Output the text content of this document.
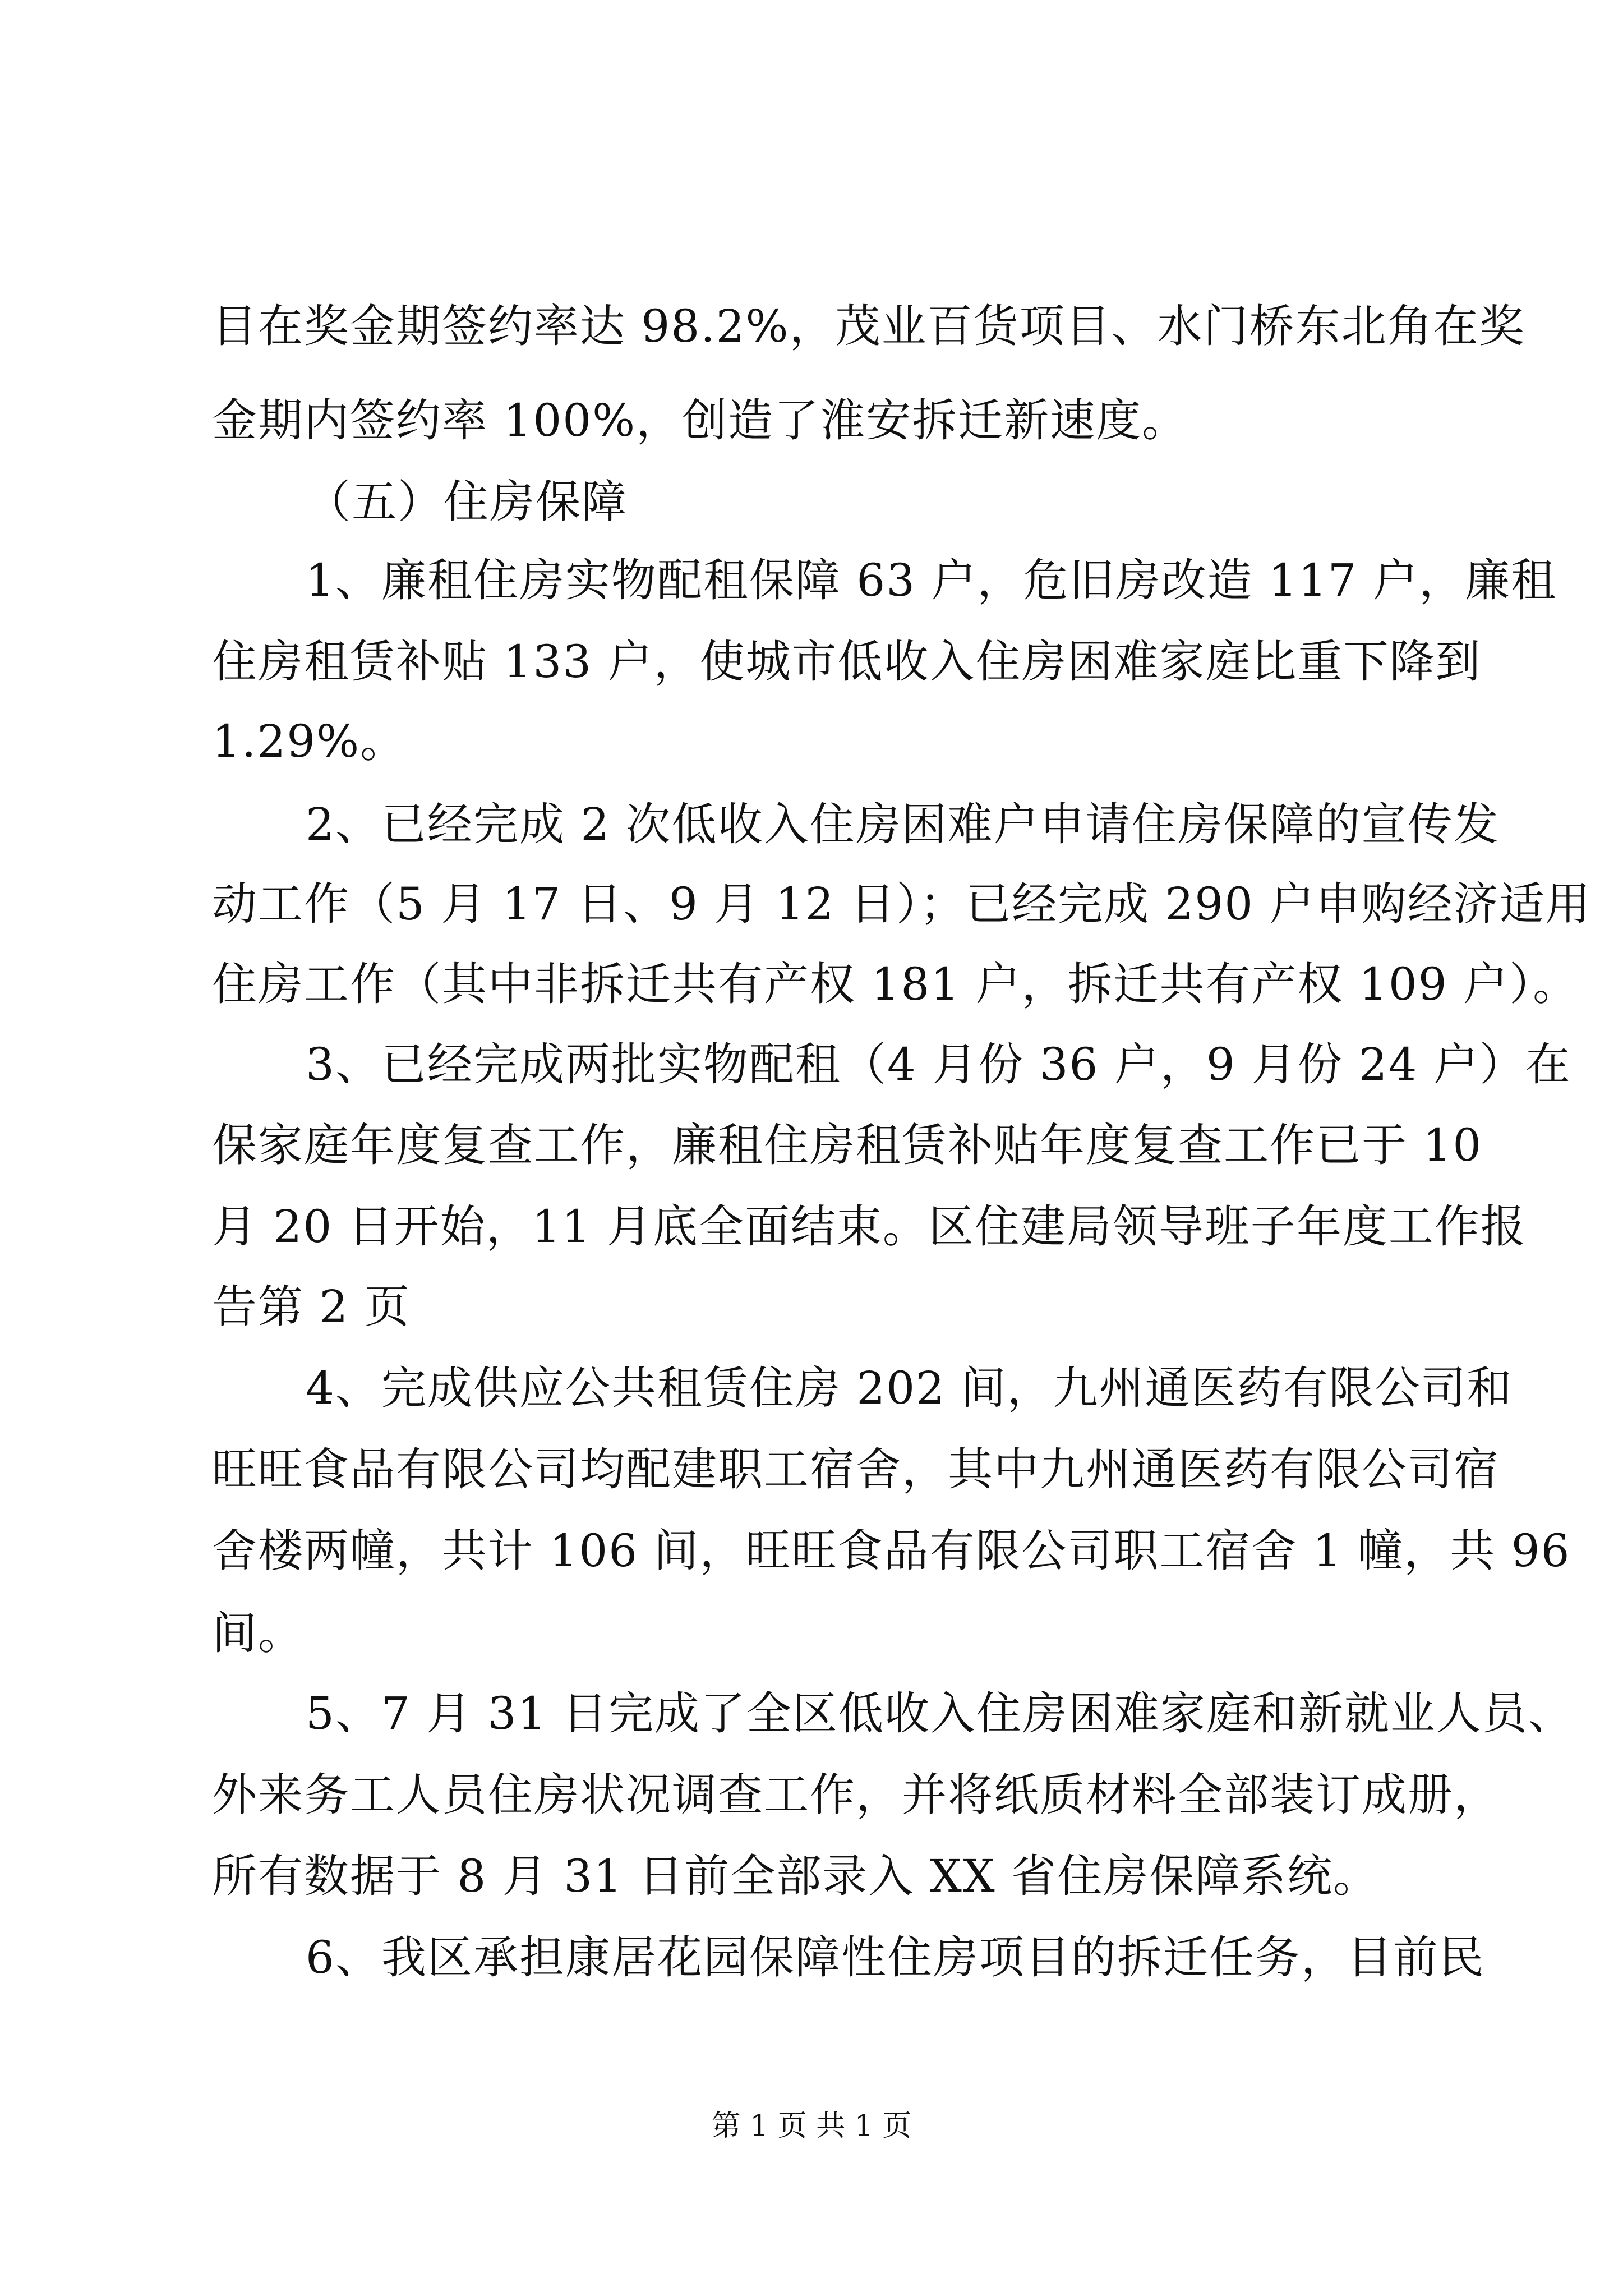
目在奖金期签约率达 98.2%，茂业百货项目、水门桥东北角在奖
金期内签约率 100%，创造了淮安拆迁新速度。
（五）住房保障
1、廉租住房实物配租保障 63 户，危旧房改造 117 户，廉租
住房租赁补贴 133 户，使城市低收入住房困难家庭比重下降到
1.29%。
2、已经完成 2 次低收入住房困难户申请住房保障的宣传发
动工作（5 月 17 日、9 月 12 日）；已经完成 290 户申购经济适用
住房工作（其中非拆迁共有产权 181 户，拆迁共有产权 109 户）。
3、已经完成两批实物配租（4 月份 36 户，9 月份 24 户）在
保家庭年度复查工作，廉租住房租赁补贴年度复查工作已于 10
月 20 日开始，11 月底全面结束。区住建局领导班子年度工作报
告第 2 页
4、完成供应公共租赁住房 202 间，九州通医药有限公司和
旺旺食品有限公司均配建职工宿舍，其中九州通医药有限公司宿
舍楼两幢，共计 106 间，旺旺食品有限公司职工宿舍 1 幢，共 96
间。
5、7 月 31 日完成了全区低收入住房困难家庭和新就业人员、
外来务工人员住房状况调查工作，并将纸质材料全部装订成册，
所有数据于 8 月 31 日前全部录入 XX 省住房保障系统。
6、我区承担康居花园保障性住房项目的拆迁任务，目前民
第 1 页 共 1 页
